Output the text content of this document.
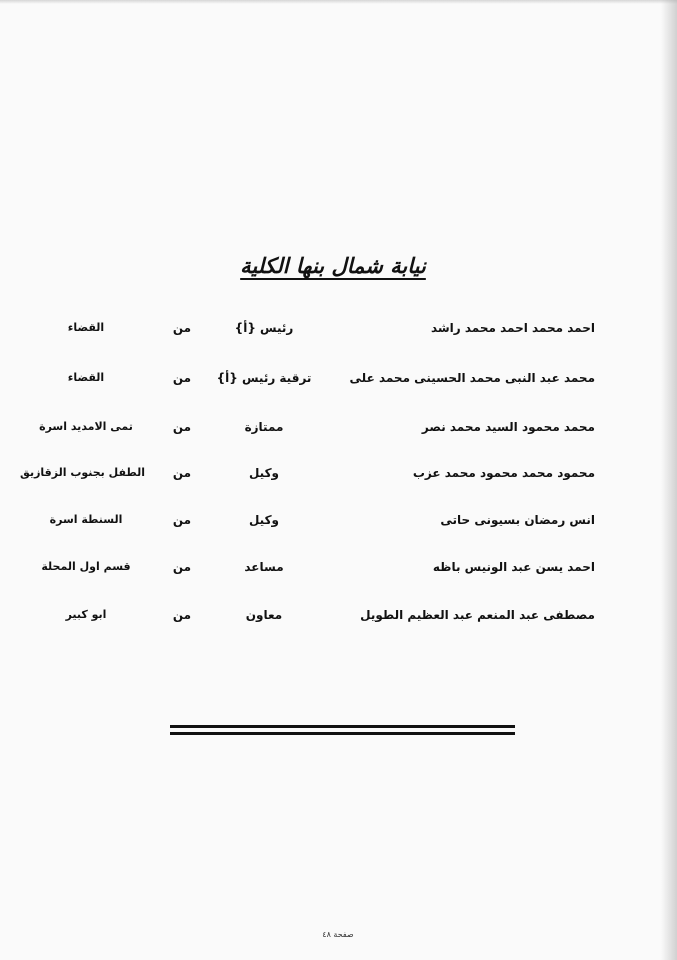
نيابة شمال بنها الكلية
احمد محمد احمد محمد راشد
رئيس {أ}
من
القضاء
محمد عبد النبى محمد الحسينى محمد على
ترقية رئيس {أ}
من
القضاء
محمد محمود السيد محمد نصر
ممتازة
من
تمى الامديد اسرة
محمود محمد محمود محمد عزب
وكيل
من
الطفل بجنوب الزقازيق
انس رمضان بسيونى حاتى
وكيل
من
السنطة اسرة
احمد يسن عبد الونيس باظه
مساعد
من
قسم اول المحلة
مصطفى عبد المنعم عبد العظيم الطويل
معاون
من
ابو كبير
صفحة ٤٨
